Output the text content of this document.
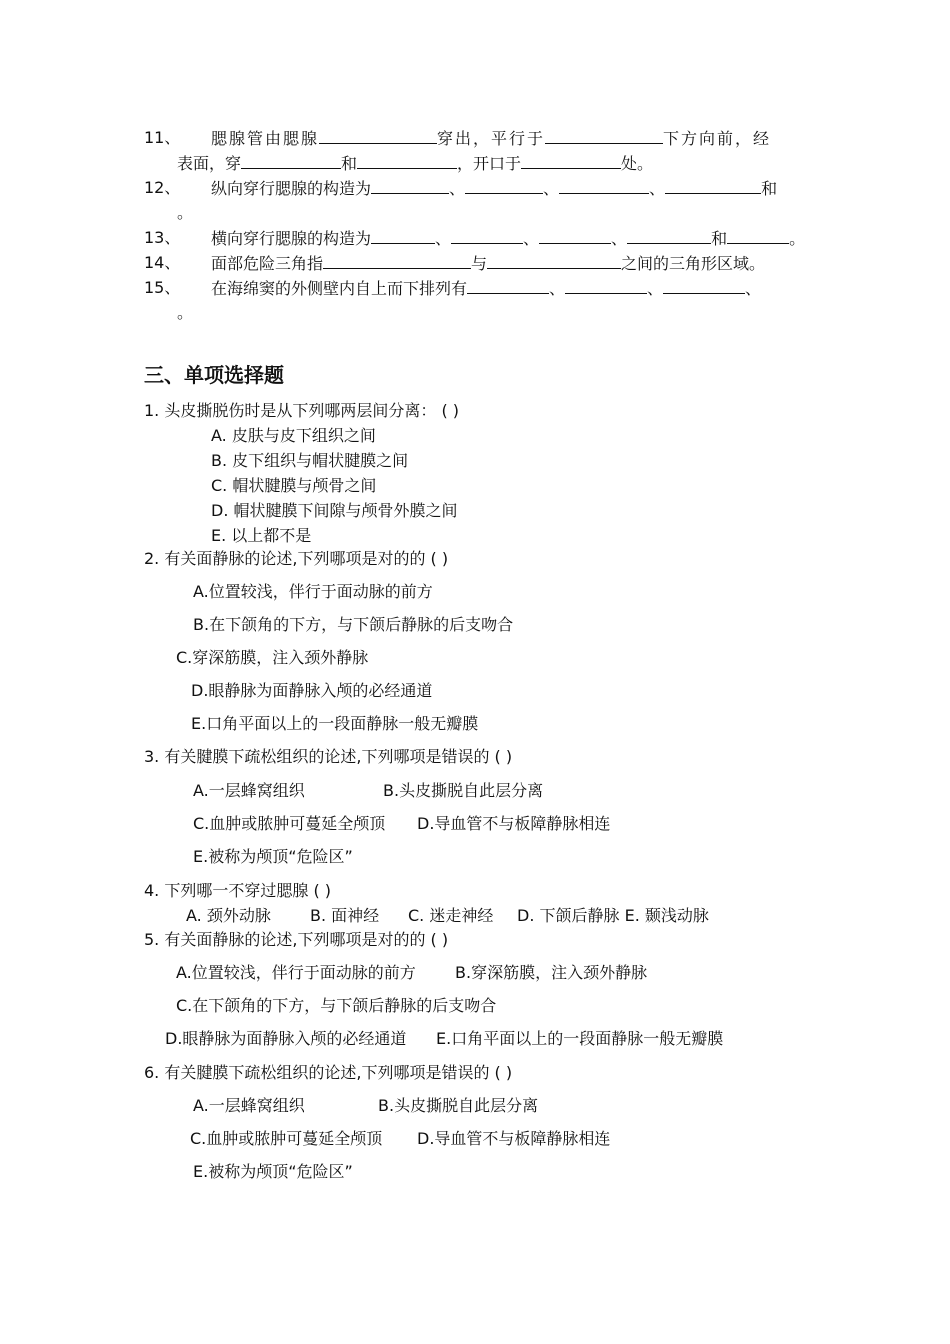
11、 腮腺管由腮腺	穿出，平行于	下方向前，经
表面，穿	和	，开口于	处。
12、 纵向穿行腮腺的构造为	、	、	、	和
。
13、 横向穿行腮腺的构造为	、	、	、	和	。
14、 面部危险三角指	与	之间的三角形区域。
15、 在海绵窦的外侧壁内自上而下排列有	、	、	、
。
三、单项选择题
1. 头皮撕脱伤时是从下列哪两层间分离： ( )
A. 皮肤与皮下组织之间
B. 皮下组织与帽状腱膜之间
C. 帽状腱膜与颅骨之间
D. 帽状腱膜下间隙与颅骨外膜之间
E. 以上都不是
2. 有关面静脉的论述,下列哪项是对的的 ( )
A.位置较浅，伴行于面动脉的前方
B.在下颌角的下方，与下颌后静脉的后支吻合
C.穿深筋膜，注入颈外静脉
D.眼静脉为面静脉入颅的必经通道
E.口角平面以上的一段面静脉一般无瓣膜
3. 有关腱膜下疏松组织的论述,下列哪项是错误的 ( )
A.一层蜂窝组织	B.头皮撕脱自此层分离
C.血肿或脓肿可蔓延全颅顶 D.导血管不与板障静脉相连
E.被称为颅顶“危险区”
4. 下列哪一不穿过腮腺 ( )
A. 颈外动脉 B. 面神经 C. 迷走神经 D. 下颌后静脉 E. 颞浅动脉
5. 有关面静脉的论述,下列哪项是对的的 ( )
A.位置较浅，伴行于面动脉的前方 B.穿深筋膜，注入颈外静脉
C.在下颌角的下方，与下颌后静脉的后支吻合
D.眼静脉为面静脉入颅的必经通道 E.口角平面以上的一段面静脉一般无瓣膜
6. 有关腱膜下疏松组织的论述,下列哪项是错误的 ( )
A.一层蜂窝组织	B.头皮撕脱自此层分离
C.血肿或脓肿可蔓延全颅顶 D.导血管不与板障静脉相连
E.被称为颅顶“危险区”
